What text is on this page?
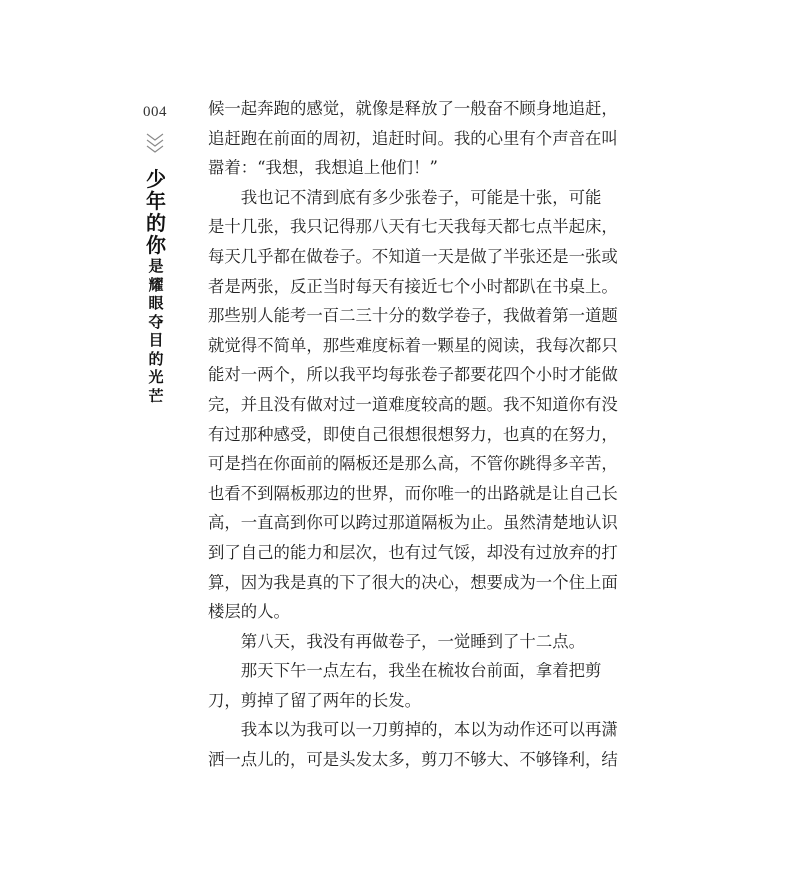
004
少
年
的
你
是
耀
眼
夺
目
的
光
芒

候一起奔跑的感觉，就像是释放了一般奋不顾身地追赶，
追赶跑在前面的周初，追赶时间。我的心里有个声音在叫
嚣着：“我想，我想追上他们！”

我也记不清到底有多少张卷子，可能是十张，可能
是十几张，我只记得那八天有七天我每天都七点半起床，
每天几乎都在做卷子。不知道一天是做了半张还是一张或
者是两张，反正当时每天有接近七个小时都趴在书桌上。
那些别人能考一百二三十分的数学卷子，我做着第一道题
就觉得不简单，那些难度标着一颗星的阅读，我每次都只
能对一两个，所以我平均每张卷子都要花四个小时才能做
完，并且没有做对过一道难度较高的题。我不知道你有没
有过那种感受，即使自己很想很想努力，也真的在努力，
可是挡在你面前的隔板还是那么高，不管你跳得多辛苦，
也看不到隔板那边的世界，而你唯一的出路就是让自己长
高，一直高到你可以跨过那道隔板为止。虽然清楚地认识
到了自己的能力和层次，也有过气馁，却没有过放弃的打
算，因为我是真的下了很大的决心，想要成为一个住上面
楼层的人。

第八天，我没有再做卷子，一觉睡到了十二点。

那天下午一点左右，我坐在梳妆台前面，拿着把剪
刀，剪掉了留了两年的长发。

我本以为我可以一刀剪掉的，本以为动作还可以再潇
洒一点儿的，可是头发太多，剪刀不够大、不够锋利，结
